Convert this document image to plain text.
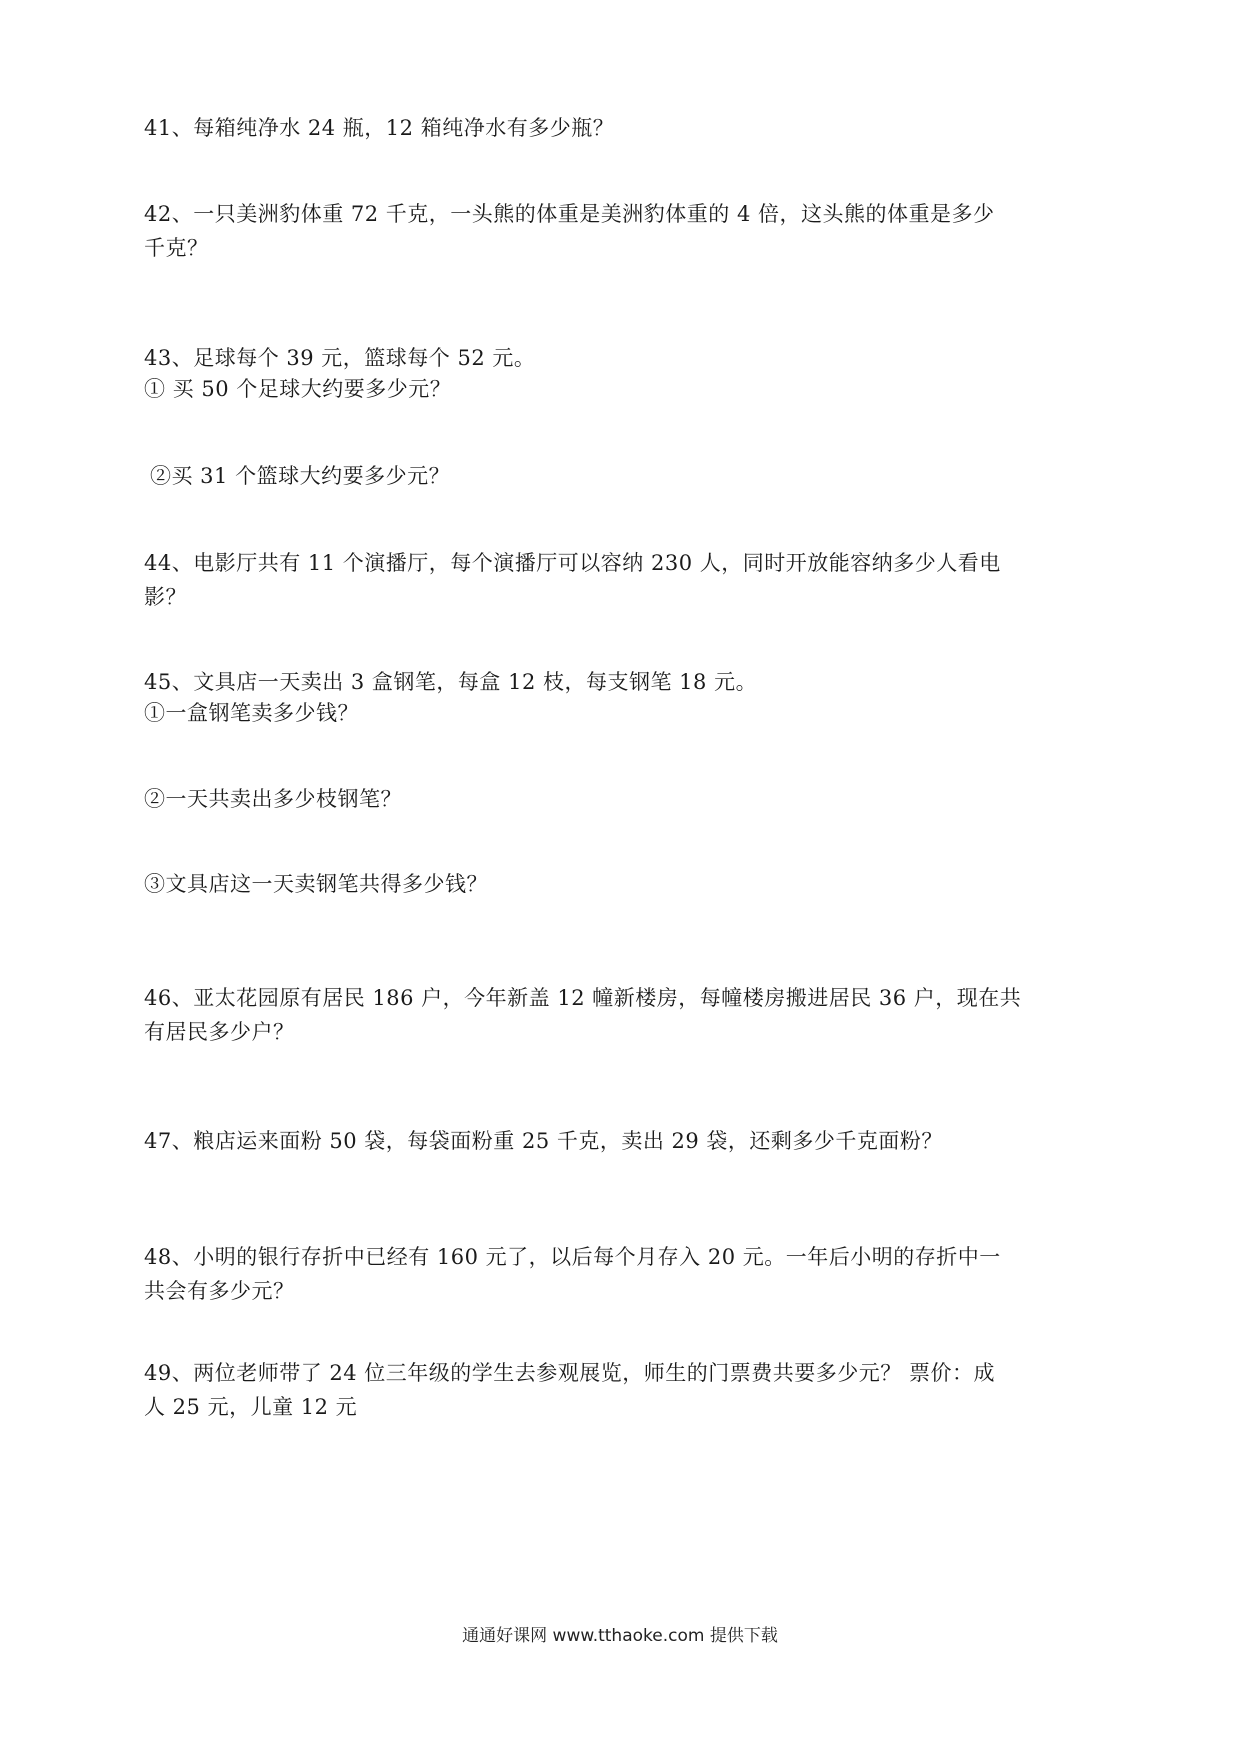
41、每箱纯净水 24 瓶，12 箱纯净水有多少瓶？
42、一只美洲豹体重 72 千克，一头熊的体重是美洲豹体重的 4 倍，这头熊的体重是多少
千克？
43、足球每个 39 元，篮球每个 52 元。
① 买 50 个足球大约要多少元？
②买 31 个篮球大约要多少元？
44、电影厅共有 11 个演播厅，每个演播厅可以容纳 230 人，同时开放能容纳多少人看电
影？
45、文具店一天卖出 3 盒钢笔，每盒 12 枝，每支钢笔 18 元。
①一盒钢笔卖多少钱？
②一天共卖出多少枝钢笔？
③文具店这一天卖钢笔共得多少钱？
46、亚太花园原有居民 186 户，今年新盖 12 幢新楼房，每幢楼房搬进居民 36 户，现在共
有居民多少户？
47、粮店运来面粉 50 袋，每袋面粉重 25 千克，卖出 29 袋，还剩多少千克面粉？
48、小明的银行存折中已经有 160 元了，以后每个月存入 20 元。一年后小明的存折中一
共会有多少元？
49、两位老师带了 24 位三年级的学生去参观展览，师生的门票费共要多少元？ 票价：成
人 25 元，儿童 12 元
通通好课网 www.tthaoke.com 提供下载
